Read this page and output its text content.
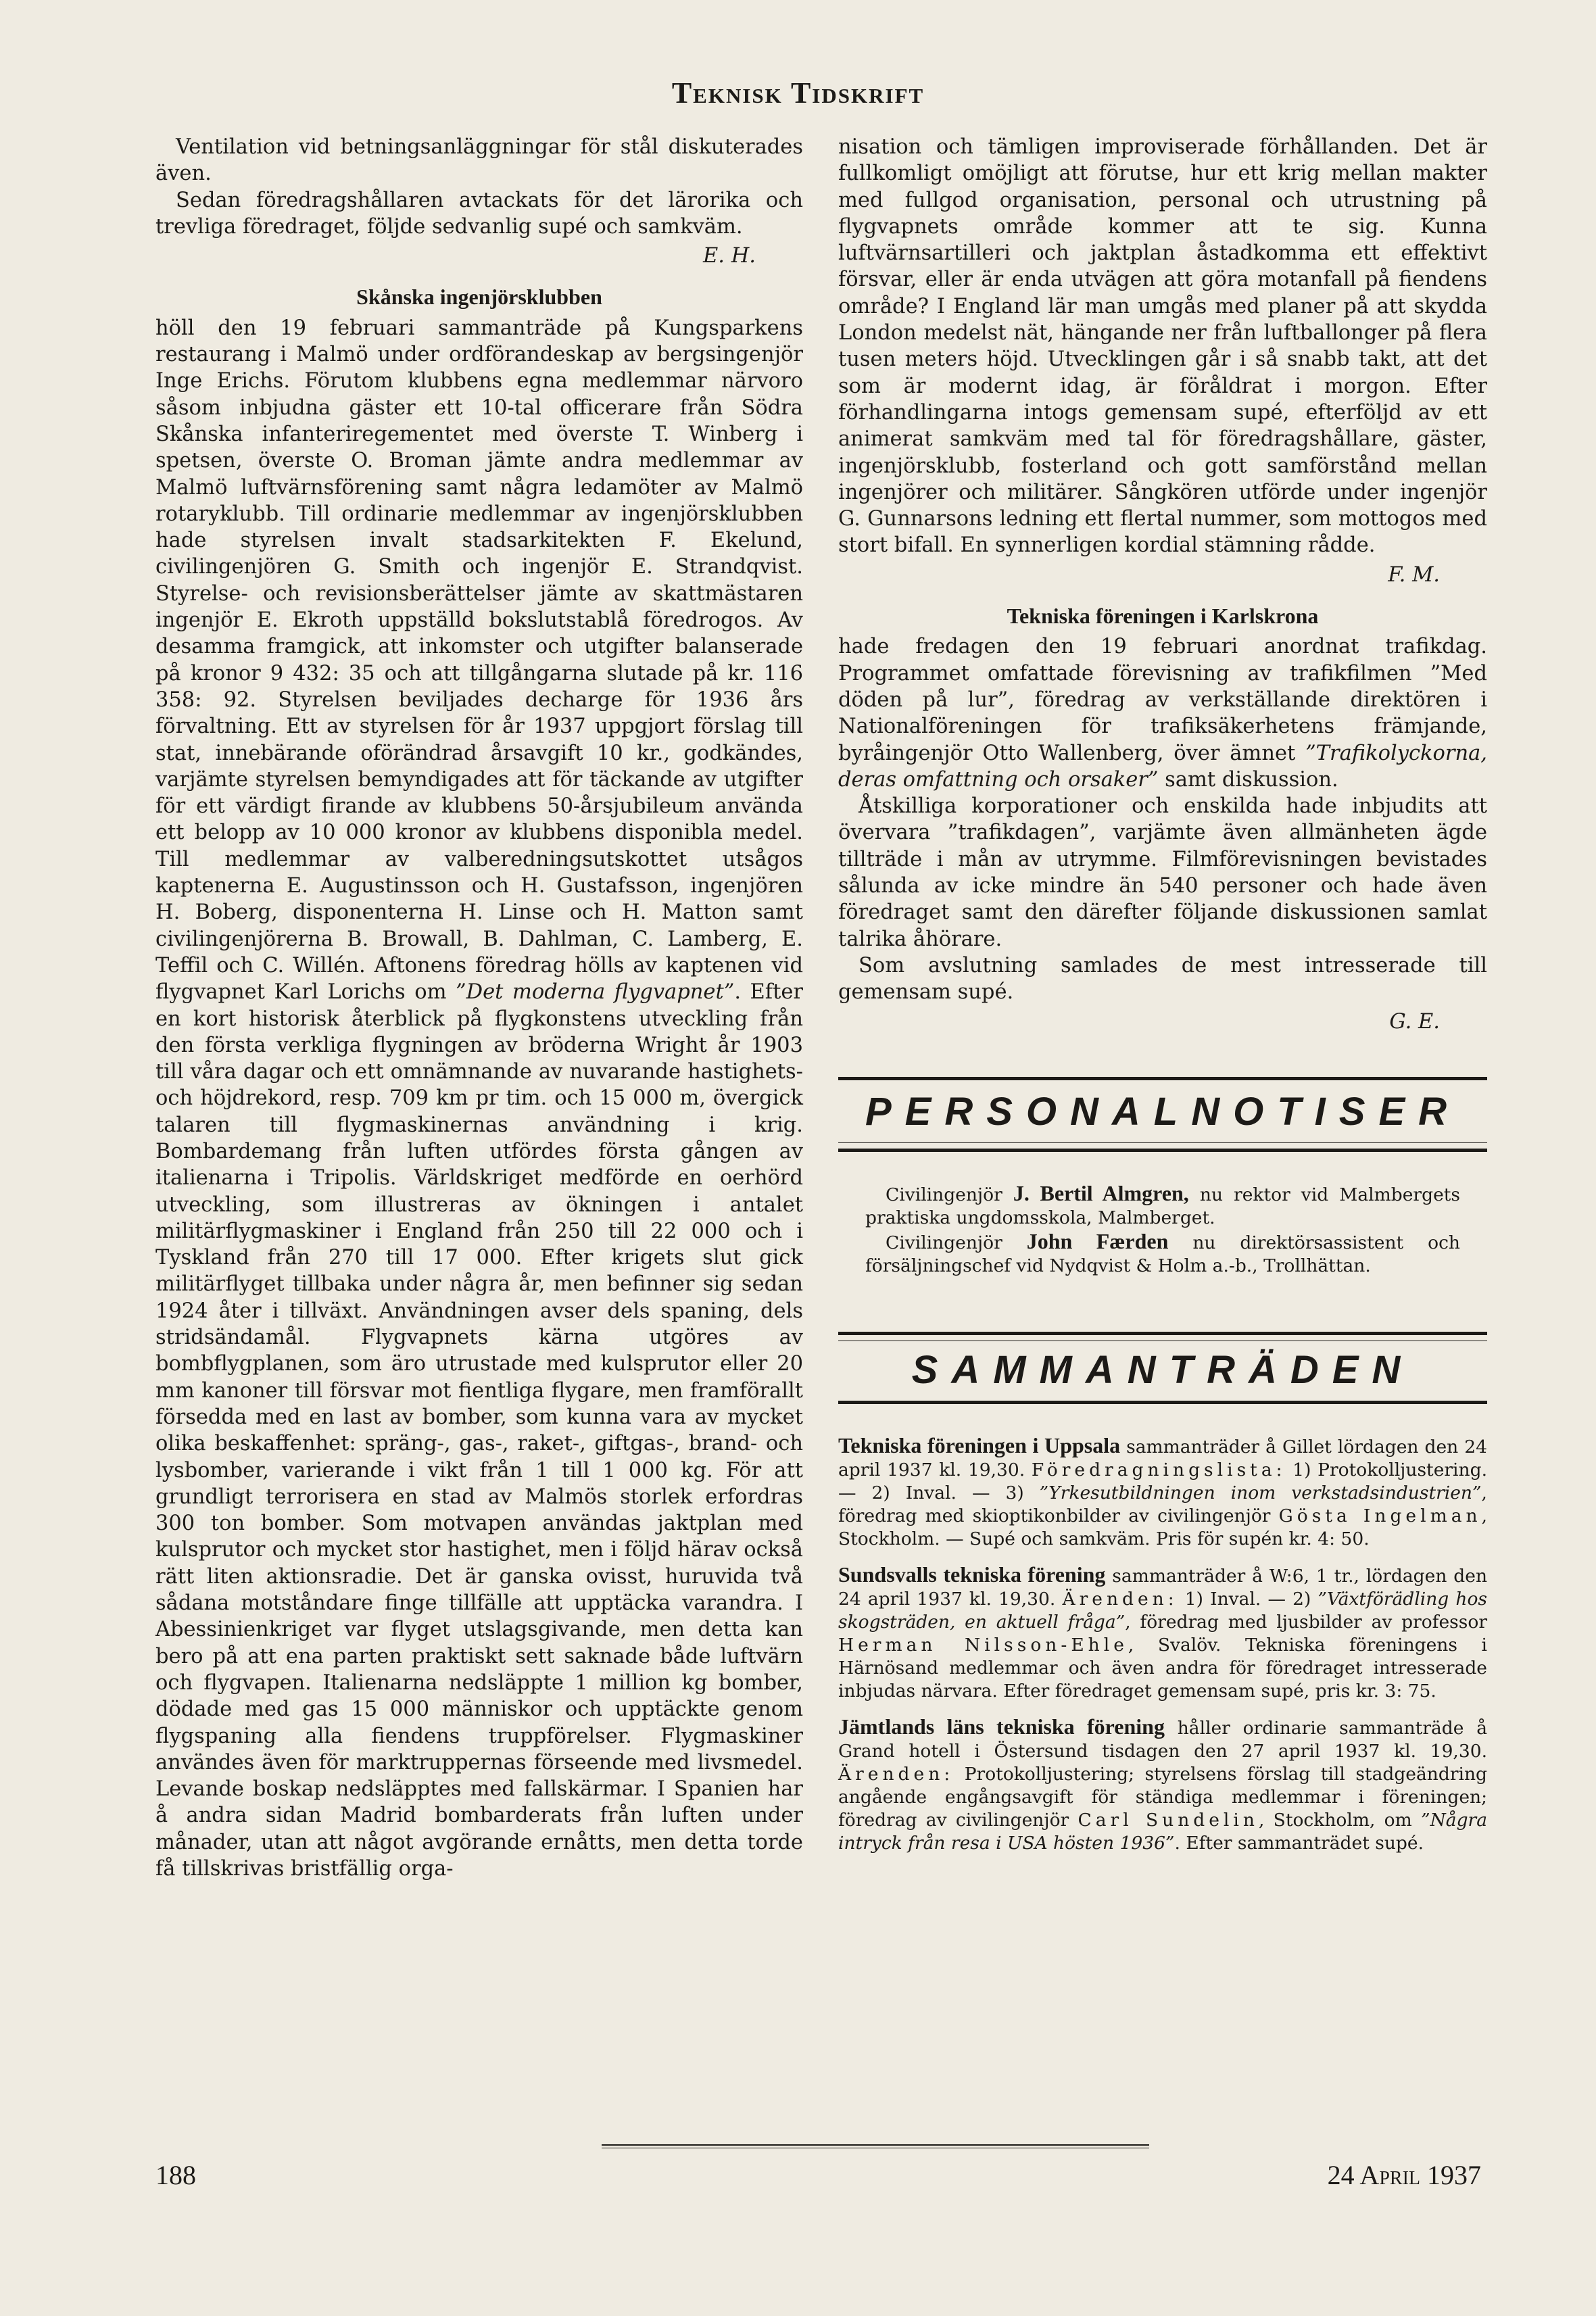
Teknisk Tidskrift

Ventilation vid betningsanläggningar för stål diskuterades även.

Sedan föredragshållaren avtackats för det lärorika och trevliga föredraget, följde sedvanlig supé och samkväm.

E. H.
Skånska ingenjörsklubben

höll den 19 februari sammanträde på Kungsparkens restaurang i Malmö under ordförandeskap av bergsingenjör Inge Erichs. Förutom klubbens egna medlemmar närvoro såsom inbjudna gäster ett 10-tal officerare från Södra Skånska infanteriregementet med överste T. Winberg i spetsen, överste O. Broman jämte andra medlemmar av Malmö luftvärnsförening samt några ledamöter av Malmö rotaryklubb. Till ordinarie medlemmar av ingenjörsklubben hade styrelsen invalt stadsarkitekten F. Ekelund, civilingenjören G. Smith och ingenjör E. Strandqvist. Styrelse- och revisionsberättelser jämte av skattmästaren ingenjör E. Ekroth uppställd bokslutstablå föredrogos. Av desamma framgick, att inkomster och utgifter balanserade på kronor 9 432: 35 och att tillgångarna slutade på kr. 116 358: 92. Styrelsen beviljades decharge för 1936 års förvaltning. Ett av styrelsen för år 1937 uppgjort förslag till stat, innebärande oförändrad årsavgift 10 kr., godkändes, varjämte styrelsen bemyndigades att för täckande av utgifter för ett värdigt firande av klubbens 50-årsjubileum använda ett belopp av 10 000 kronor av klubbens disponibla medel. Till medlemmar av valberedningsutskottet utsågos kaptenerna E. Augustinsson och H. Gustafsson, ingenjören H. Boberg, disponenterna H. Linse och H. Matton samt civilingenjörerna B. Browall, B. Dahlman, C. Lamberg, E. Teffil och C. Willén. Aftonens föredrag hölls av kaptenen vid flygvapnet Karl Lorichs om ”Det moderna flygvapnet”. Efter en kort historisk återblick på flygkonstens utveckling från den första verkliga flygningen av bröderna Wright år 1903 till våra dagar och ett omnämnande av nuvarande hastighets- och höjdrekord, resp. 709 km pr tim. och 15 000 m, övergick talaren till flygmaskinernas användning i krig. Bombardemang från luften utfördes första gången av italienarna i Tripolis. Världskriget medförde en oerhörd utveckling, som illustreras av ökningen i antalet militärflygmaskiner i England från 250 till 22 000 och i Tyskland från 270 till 17 000. Efter krigets slut gick militärflyget tillbaka under några år, men befinner sig sedan 1924 åter i tillväxt. Användningen avser dels spaning, dels stridsändamål. Flygvapnets kärna utgöres av bombflygplanen, som äro utrustade med kulsprutor eller 20 mm kanoner till försvar mot fientliga flygare, men framförallt försedda med en last av bomber, som kunna vara av mycket olika beskaffenhet: spräng-, gas-, raket-, giftgas-, brand- och lysbomber, varierande i vikt från 1 till 1 000 kg. För att grundligt terrorisera en stad av Malmös storlek erfordras 300 ton bomber. Som motvapen användas jaktplan med kulsprutor och mycket stor hastighet, men i följd härav också rätt liten aktionsradie. Det är ganska ovisst, huruvida två sådana motståndare finge tillfälle att upptäcka varandra. I Abessinienkriget var flyget utslagsgivande, men detta kan bero på att ena parten praktiskt sett saknade både luftvärn och flygvapen. Italienarna nedsläppte 1 million kg bomber, dödade med gas 15 000 människor och upptäckte genom flygspaning alla fiendens truppförelser. Flygmaskiner användes även för marktruppernas förseende med livsmedel. Levande boskap nedsläpptes med fallskärmar. I Spanien har å andra sidan Madrid bombarderats från luften under månader, utan att något avgörande ernåtts, men detta torde få tillskrivas bristfällig orga-

nisation och tämligen improviserade förhållanden. Det är fullkomligt omöjligt att förutse, hur ett krig mellan makter med fullgod organisation, personal och utrustning på flygvapnets område kommer att te sig. Kunna luftvärnsartilleri och jaktplan åstadkomma ett effektivt försvar, eller är enda utvägen att göra motanfall på fiendens område? I England lär man umgås med planer på att skydda London medelst nät, hängande ner från luftballonger på flera tusen meters höjd. Utvecklingen går i så snabb takt, att det som är modernt idag, är föråldrat i morgon. Efter förhandlingarna intogs gemensam supé, efterföljd av ett animerat samkväm med tal för föredragshållare, gäster, ingenjörsklubb, fosterland och gott samförstånd mellan ingenjörer och militärer. Sångkören utförde under ingenjör G. Gunnarsons ledning ett flertal nummer, som mottogos med stort bifall. En synnerligen kordial stämning rådde.

F. M.
Tekniska föreningen i Karlskrona

hade fredagen den 19 februari anordnat trafikdag. Programmet omfattade förevisning av trafikfilmen ”Med döden på lur”, föredrag av verkställande direktören i Nationalföreningen för trafiksäkerhetens främjande, byråingenjör Otto Wallenberg, över ämnet ”Trafikolyckorna, deras omfattning och orsaker” samt diskussion.

Åtskilliga korporationer och enskilda hade inbjudits att övervara ”trafikdagen”, varjämte även allmänheten ägde tillträde i mån av utrymme. Filmförevisningen bevistades sålunda av icke mindre än 540 personer och hade även föredraget samt den därefter följande diskussionen samlat talrika åhörare.

Som avslutning samlades de mest intresserade till gemensam supé.

G. E.
PERSONALNOTISER

Civilingenjör J. Bertil Almgren, nu rektor vid Malmbergets praktiska ungdomsskola, Malmberget.

Civilingenjör John Færden nu direktörsassistent och försäljningschef vid Nydqvist & Holm a.-b., Trollhättan.

SAMMANTRÄDEN

Tekniska föreningen i Uppsala sammanträder å Gillet lördagen den 24 april 1937 kl. 19,30. Föredragningslista: 1) Protokolljustering. — 2) Inval. — 3) ”Yrkesutbildningen inom verkstadsindustrien”, föredrag med skioptikonbilder av civilingenjör Gösta Ingelman, Stockholm. — Supé och samkväm. Pris för supén kr. 4: 50.

Sundsvalls tekniska förening sammanträder å W:6, 1 tr., lördagen den 24 april 1937 kl. 19,30. Ärenden: 1) Inval. — 2) ”Växtförädling hos skogsträden, en aktuell fråga”, föredrag med ljusbilder av professor Herman Nilsson-Ehle, Svalöv. Tekniska föreningens i Härnösand medlemmar och även andra för föredraget intresserade inbjudas närvara. Efter föredraget gemensam supé, pris kr. 3: 75.

Jämtlands läns tekniska förening håller ordinarie sammanträde å Grand hotell i Östersund tisdagen den 27 april 1937 kl. 19,30. Ärenden: Protokolljustering; styrelsens förslag till stadgeändring angående engångsavgift för ständiga medlemmar i föreningen; föredrag av civilingenjör Carl Sundelin, Stockholm, om ”Några intryck från resa i USA hösten 1936”. Efter sammanträdet supé.

188	24 April 1937
